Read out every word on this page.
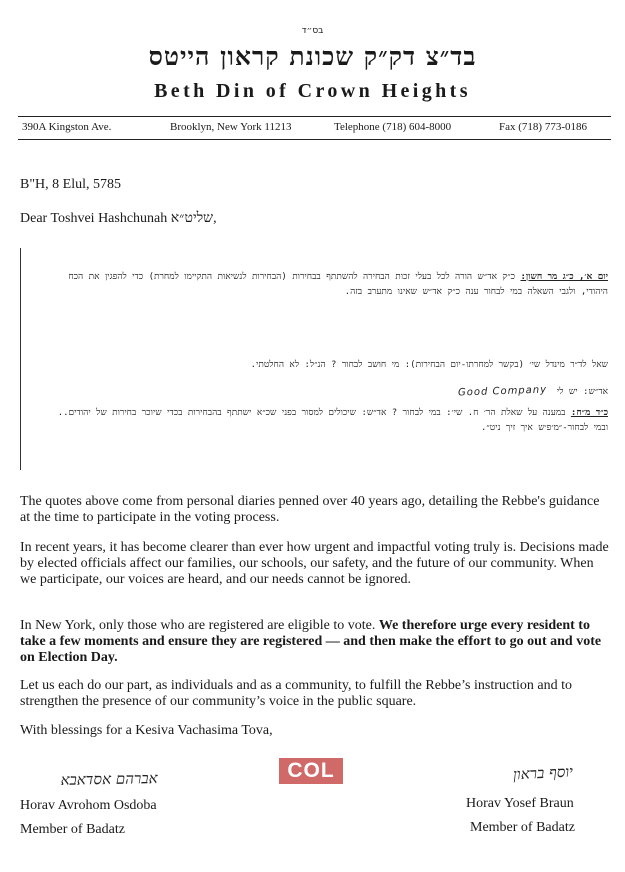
בס״ד
בד״צ דק״ק שכונת קראון הייטס
Beth Din of Crown Heights
390A Kingston Ave.	Brooklyn, New York 11213	Telephone (718) 604-8000	Fax (718) 773-0186
B"H, 8 Elul, 5785
Dear Toshvei Hashchunah שליט״א,
יום א׳, כ״ג מר חשון: כ״ק אד״ש הורה לכל בעלי זכות הבחירה להשתתף בבחירות (הבחירות לנשיאות התקיימו למחרת) כדי להפגין את הכח היהודי, ולגבי השאלה במי לבחור ענה כ״ק אד״ש שאינו מתערב בזה.
שאל לד״ר מינדל שי׳ (בקשר למחרתו-יום הבחירות): מי חושב לבחור ? הנ״ל: לא החלטתי.
אד״ש: יש ליGood Company
כ״ד מ״ח: במענה על שאלת הר׳ ח. שי׳: במי לבחור ? אד״ש: שיכולים למסור בפני שכ״א ישתתף בהבחירות בכדי שיוכר בחירות של יהודים.. ובמי לבחור-״מ׳פ׳ש איך זיך ניט״.

The quotes above come from personal diaries penned over 40 years ago, detailing the Rebbe's guidance at the time to participate in the voting process.

In recent years, it has become clearer than ever how urgent and impactful voting truly is. Decisions made by elected officials affect our families, our schools, our safety, and the future of our community. When we participate, our voices are heard, and our needs cannot be ignored.

In New York, only those who are registered are eligible to vote. We therefore urge every resident to take a few moments and ensure they are registered — and then make the effort to go out and vote on Election Day.

Let us each do our part, as individuals and as a community, to fulfill the Rebbe’s instruction and to strengthen the presence of our community’s voice in the public square.

With blessings for a Kesiva Vachasima Tova,

COL
אברהם אסדאבא	יוסף בראון
Horav Avrohom Osdoba
Member of Badatz
Horav Yosef Braun
Member of Badatz
